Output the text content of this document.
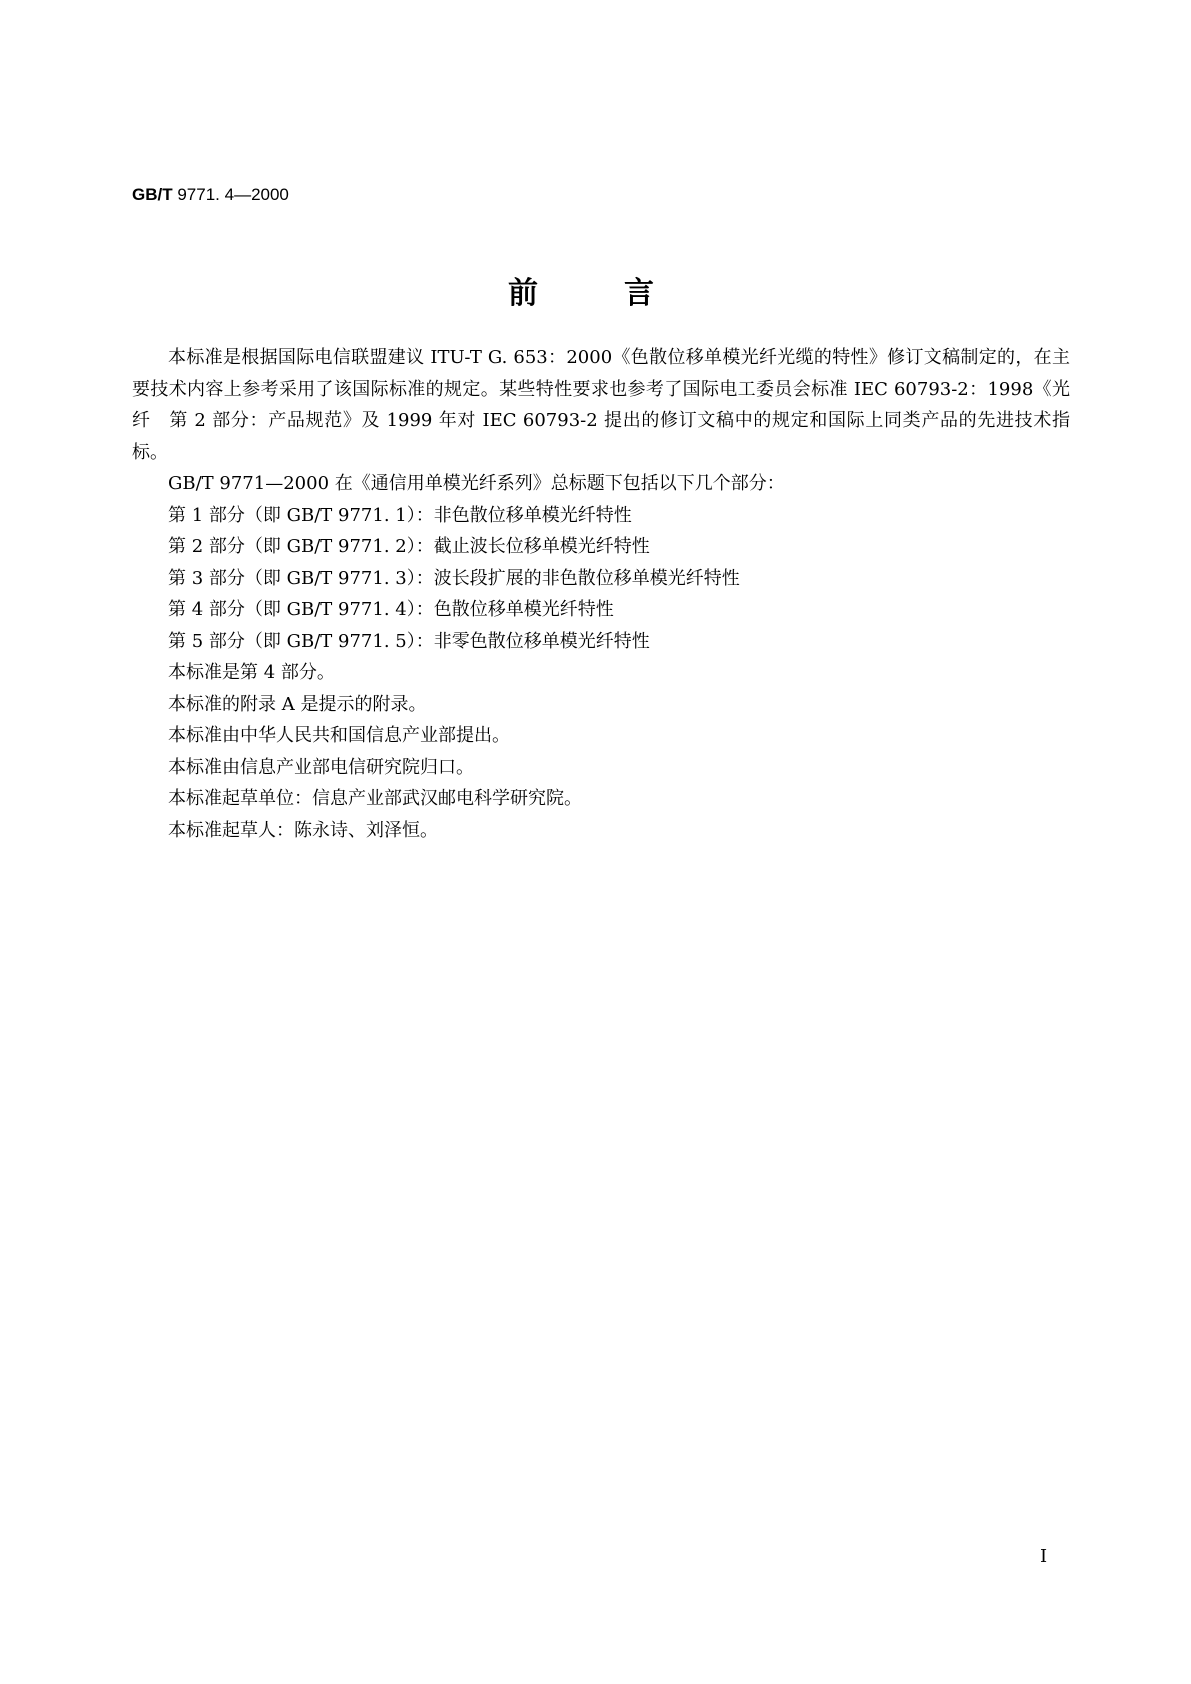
GB/T 9771. 4—2000
前	言

本标准是根据国际电信联盟建议 ITU-T G. 653：2000《色散位移单模光纤光缆的特性》修订文稿制定的，在主要技术内容上参考采用了该国际标准的规定。某些特性要求也参考了国际电工委员会标准 IEC 60793-2：1998《光纤　第 2 部分：产品规范》及 1999 年对 IEC 60793-2 提出的修订文稿中的规定和国际上同类产品的先进技术指标。

GB/T 9771—2000 在《通信用单模光纤系列》总标题下包括以下几个部分：

第 1 部分（即 GB/T 9771. 1）：非色散位移单模光纤特性

第 2 部分（即 GB/T 9771. 2）：截止波长位移单模光纤特性

第 3 部分（即 GB/T 9771. 3）：波长段扩展的非色散位移单模光纤特性

第 4 部分（即 GB/T 9771. 4）：色散位移单模光纤特性

第 5 部分（即 GB/T 9771. 5）：非零色散位移单模光纤特性

本标准是第 4 部分。

本标准的附录 A 是提示的附录。

本标准由中华人民共和国信息产业部提出。

本标准由信息产业部电信研究院归口。

本标准起草单位：信息产业部武汉邮电科学研究院。

本标准起草人：陈永诗、刘泽恒。

I
